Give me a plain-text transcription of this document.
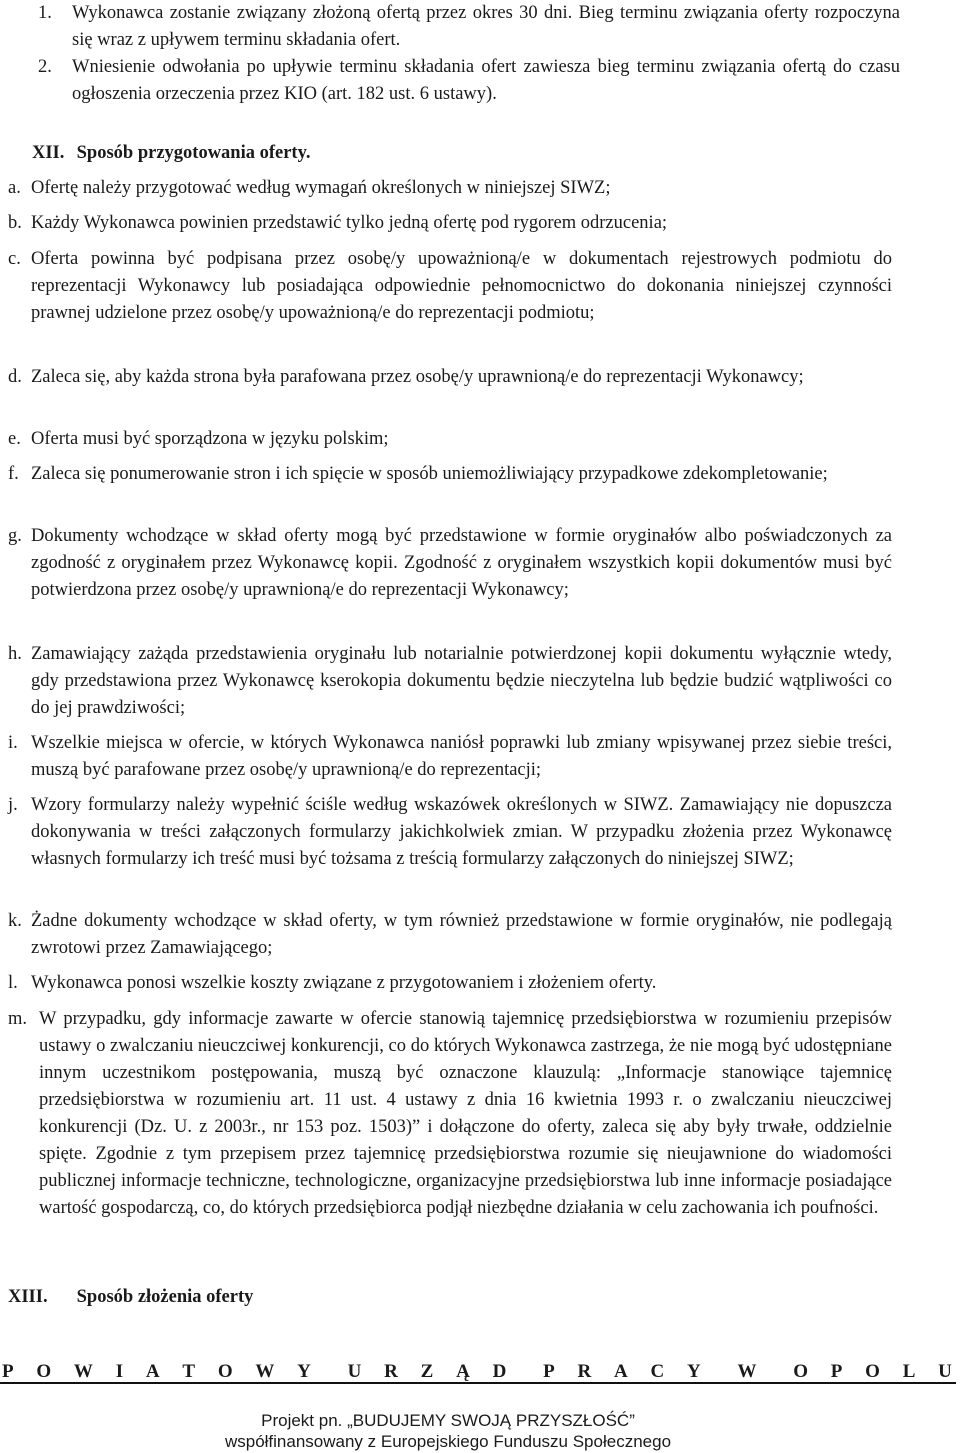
1.	Wykonawca zostanie związany złożoną ofertą przez okres 30 dni. Bieg terminu związania oferty rozpoczyna się wraz z upływem terminu składania ofert.
2.	Wniesienie odwołania po upływie terminu składania ofert zawiesza bieg terminu związania ofertą do czasu ogłoszenia orzeczenia przez KIO (art. 182 ust. 6 ustawy).
XII. Sposób przygotowania oferty.
a. Ofertę należy przygotować według wymagań określonych w niniejszej SIWZ;
b. Każdy Wykonawca powinien przedstawić tylko jedną ofertę pod rygorem odrzucenia;
c. Oferta powinna być podpisana przez osobę/y upoważnioną/e w dokumentach rejestrowych podmiotu do reprezentacji Wykonawcy lub posiadająca odpowiednie pełnomocnictwo do dokonania niniejszej czynności prawnej udzielone przez osobę/y upoważnioną/e do reprezentacji podmiotu;
d. Zaleca się, aby każda strona była parafowana przez osobę/y uprawnioną/e do reprezentacji Wykonawcy;
e. Oferta musi być sporządzona w języku polskim;
f. Zaleca się ponumerowanie stron i ich spięcie w sposób uniemożliwiający przypadkowe zdekompletowanie;
g. Dokumenty wchodzące w skład oferty mogą być przedstawione w formie oryginałów albo poświadczonych za zgodność z oryginałem przez Wykonawcę kopii. Zgodność z oryginałem wszystkich kopii dokumentów musi być potwierdzona przez osobę/y uprawnioną/e do reprezentacji Wykonawcy;
h. Zamawiający zażąda przedstawienia oryginału lub notarialnie potwierdzonej kopii dokumentu wyłącznie wtedy, gdy przedstawiona przez Wykonawcę kserokopia dokumentu będzie nieczytelna lub będzie budzić wątpliwości co do jej prawdziwości;
i. Wszelkie miejsca w ofercie, w których Wykonawca naniósł poprawki lub zmiany wpisywanej przez siebie treści, muszą być parafowane przez osobę/y uprawnioną/e do reprezentacji;
j. Wzory formularzy należy wypełnić ściśle według wskazówek określonych w SIWZ. Zamawiający nie dopuszcza dokonywania w treści załączonych formularzy jakichkolwiek zmian. W przypadku złożenia przez Wykonawcę własnych formularzy ich treść musi być tożsama z treścią formularzy załączonych do niniejszej SIWZ;
k. Żadne dokumenty wchodzące w skład oferty, w tym również przedstawione w formie oryginałów, nie podlegają zwrotowi przez Zamawiającego;
l. Wykonawca ponosi wszelkie koszty związane z przygotowaniem i złożeniem oferty.
m. W przypadku, gdy informacje zawarte w ofercie stanowią tajemnicę przedsiębiorstwa w rozumieniu przepisów ustawy o zwalczaniu nieuczciwej konkurencji, co do których Wykonawca zastrzega, że nie mogą być udostępniane innym uczestnikom postępowania, muszą być oznaczone klauzulą: „Informacje stanowiące tajemnicę przedsiębiorstwa w rozumieniu art. 11 ust. 4 ustawy z dnia 16 kwietnia 1993 r. o zwalczaniu nieuczciwej konkurencji (Dz. U. z 2003r., nr 153 poz. 1503)” i dołączone do oferty, zaleca się aby były trwałe, oddzielnie spięte. Zgodnie z tym przepisem przez tajemnicę przedsiębiorstwa rozumie się nieujawnione do wiadomości publicznej informacje techniczne, technologiczne, organizacyjne przedsiębiorstwa lub inne informacje posiadające wartość gospodarczą, co, do których przedsiębiorca podjął niezbędne działania w celu zachowania ich poufności.
XIII. Sposób złożenia oferty
P O W I A T O W Y U R Z Ą D P R A C Y W O P O L U
Projekt pn. „BUDUJEMY SWOJĄ PRZYSZŁOŚĆ”
współfinansowany z Europejskiego Funduszu Społecznego
